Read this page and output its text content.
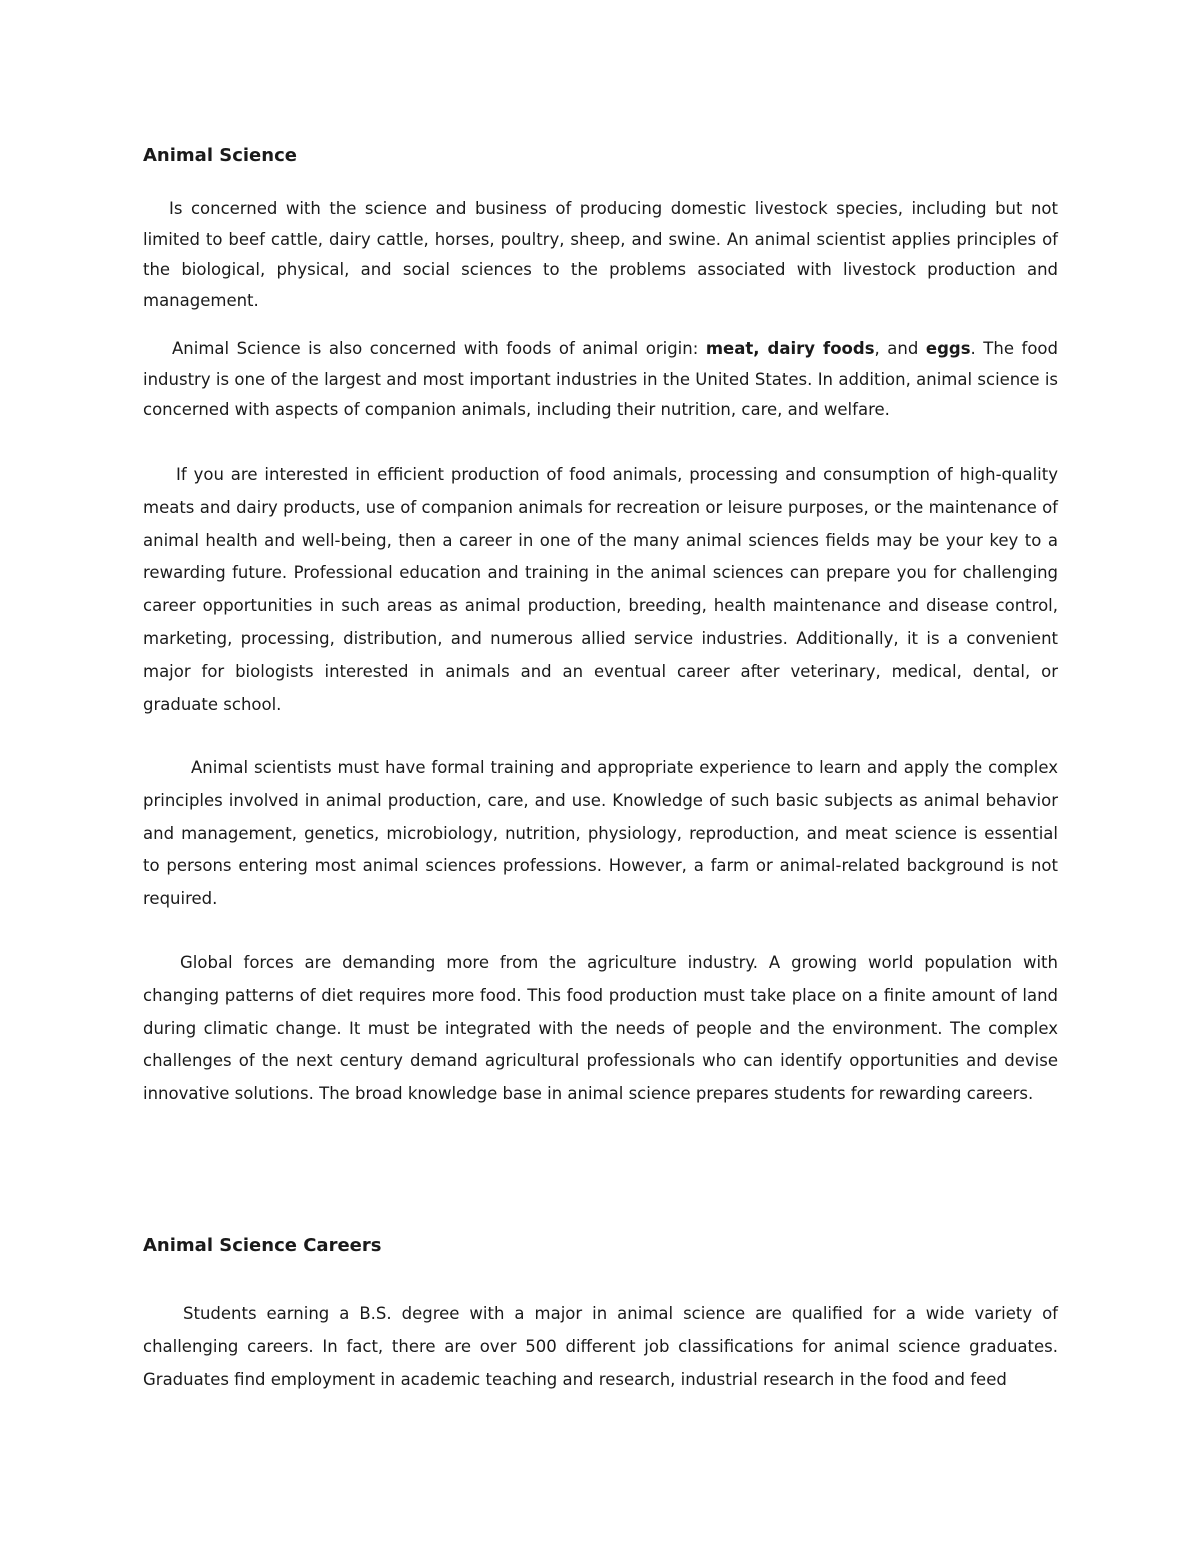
Animal Science

Is concerned with the science and business of producing domestic livestock species, including but not limited to beef cattle, dairy cattle, horses, poultry, sheep, and swine. An animal scientist applies principles of the biological, physical, and social sciences to the problems associated with livestock production and management.

Animal Science is also concerned with foods of animal origin: meat, dairy foods, and eggs. The food industry is one of the largest and most important industries in the United States. In addition, animal science is concerned with aspects of companion animals, including their nutrition, care, and welfare.

If you are interested in efficient production of food animals, processing and consumption of high-quality meats and dairy products, use of companion animals for recreation or leisure purposes, or the maintenance of animal health and well-being, then a career in one of the many animal sciences fields may be your key to a rewarding future. Professional education and training in the animal sciences can prepare you for challenging career opportunities in such areas as animal production, breeding, health maintenance and disease control, marketing, processing, distribution, and numerous allied service industries. Additionally, it is a convenient major for biologists interested in animals and an eventual career after veterinary, medical, dental, or graduate school.

Animal scientists must have formal training and appropriate experience to learn and apply the complex principles involved in animal production, care, and use. Knowledge of such basic subjects as animal behavior and management, genetics, microbiology, nutrition, physiology, reproduction, and meat science is essential to persons entering most animal sciences professions. However, a farm or animal-related background is not required.

Global forces are demanding more from the agriculture industry. A growing world population with changing patterns of diet requires more food. This food production must take place on a finite amount of land during climatic change. It must be integrated with the needs of people and the environment. The complex challenges of the next century demand agricultural professionals who can identify opportunities and devise innovative solutions. The broad knowledge base in animal science prepares students for rewarding careers.

Animal Science Careers

Students earning a B.S. degree with a major in animal science are qualified for a wide variety of challenging careers. In fact, there are over 500 different job classifications for animal science graduates. Graduates find employment in academic teaching and research, industrial research in the food and feed
